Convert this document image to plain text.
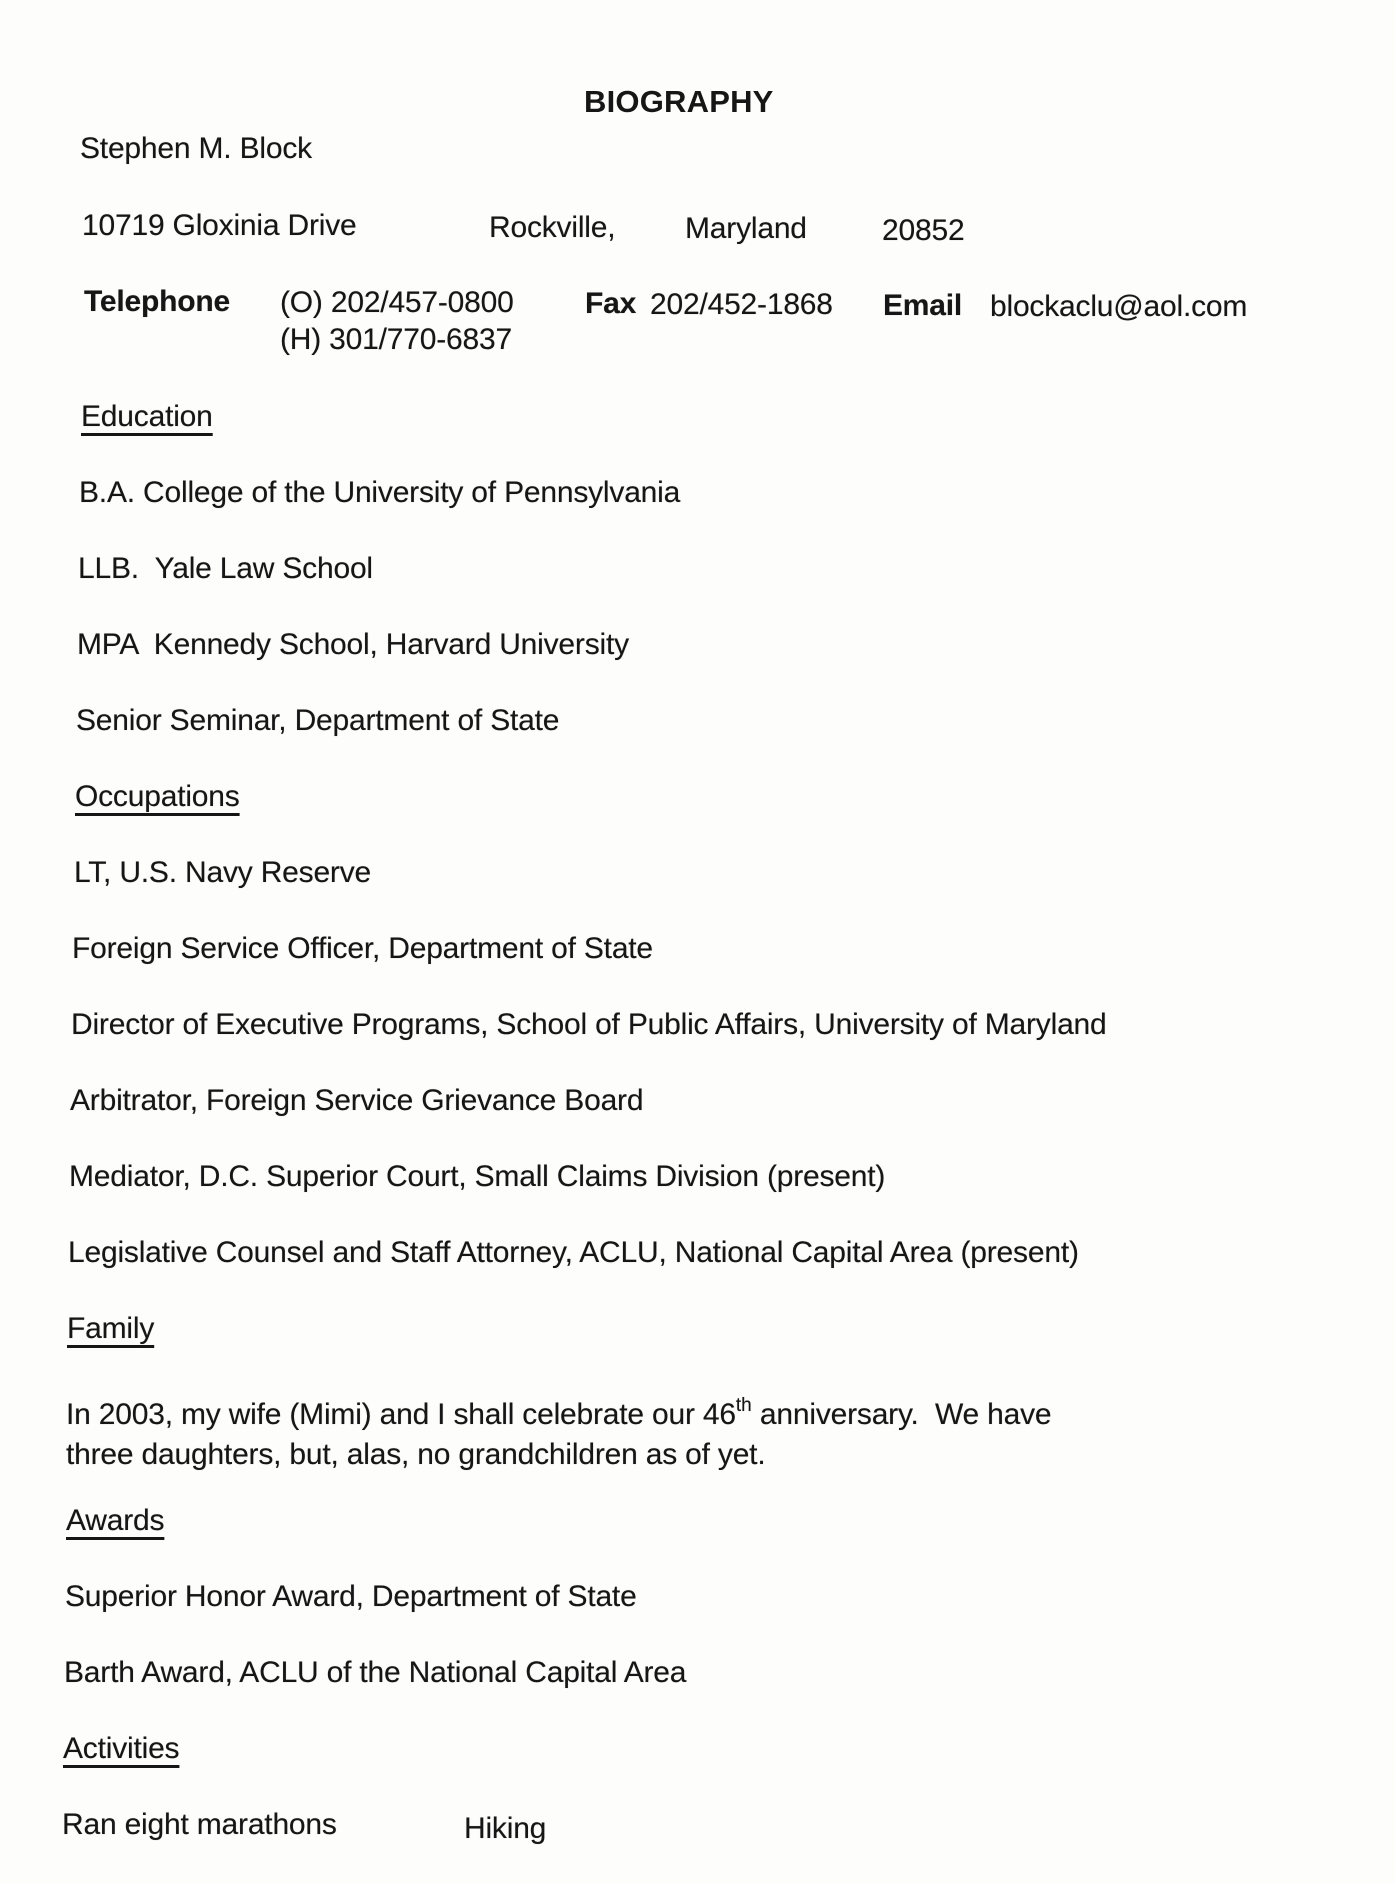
BIOGRAPHY
Stephen M. Block
10719 Gloxinia Drive	Rockville, Maryland	20852
Telephone (O) 202/457-0800 Fax 202/452-1868 Email blockaclu@aol.com
(H) 301/770-6837
Education
B.A. College of the University of Pennsylvania
LLB.  Yale Law School
MPA  Kennedy School, Harvard University
Senior Seminar, Department of State
Occupations
LT, U.S. Navy Reserve
Foreign Service Officer, Department of State
Director of Executive Programs, School of Public Affairs, University of Maryland
Arbitrator, Foreign Service Grievance Board
Mediator, D.C. Superior Court, Small Claims Division (present)
Legislative Counsel and Staff Attorney, ACLU, National Capital Area (present)
Family
In 2003, my wife (Mimi) and I shall celebrate our 46th anniversary.  We have
three daughters, but, alas, no grandchildren as of yet.
Awards
Superior Honor Award, Department of State
Barth Award, ACLU of the National Capital Area
Activities
Ran eight marathons	Hiking
